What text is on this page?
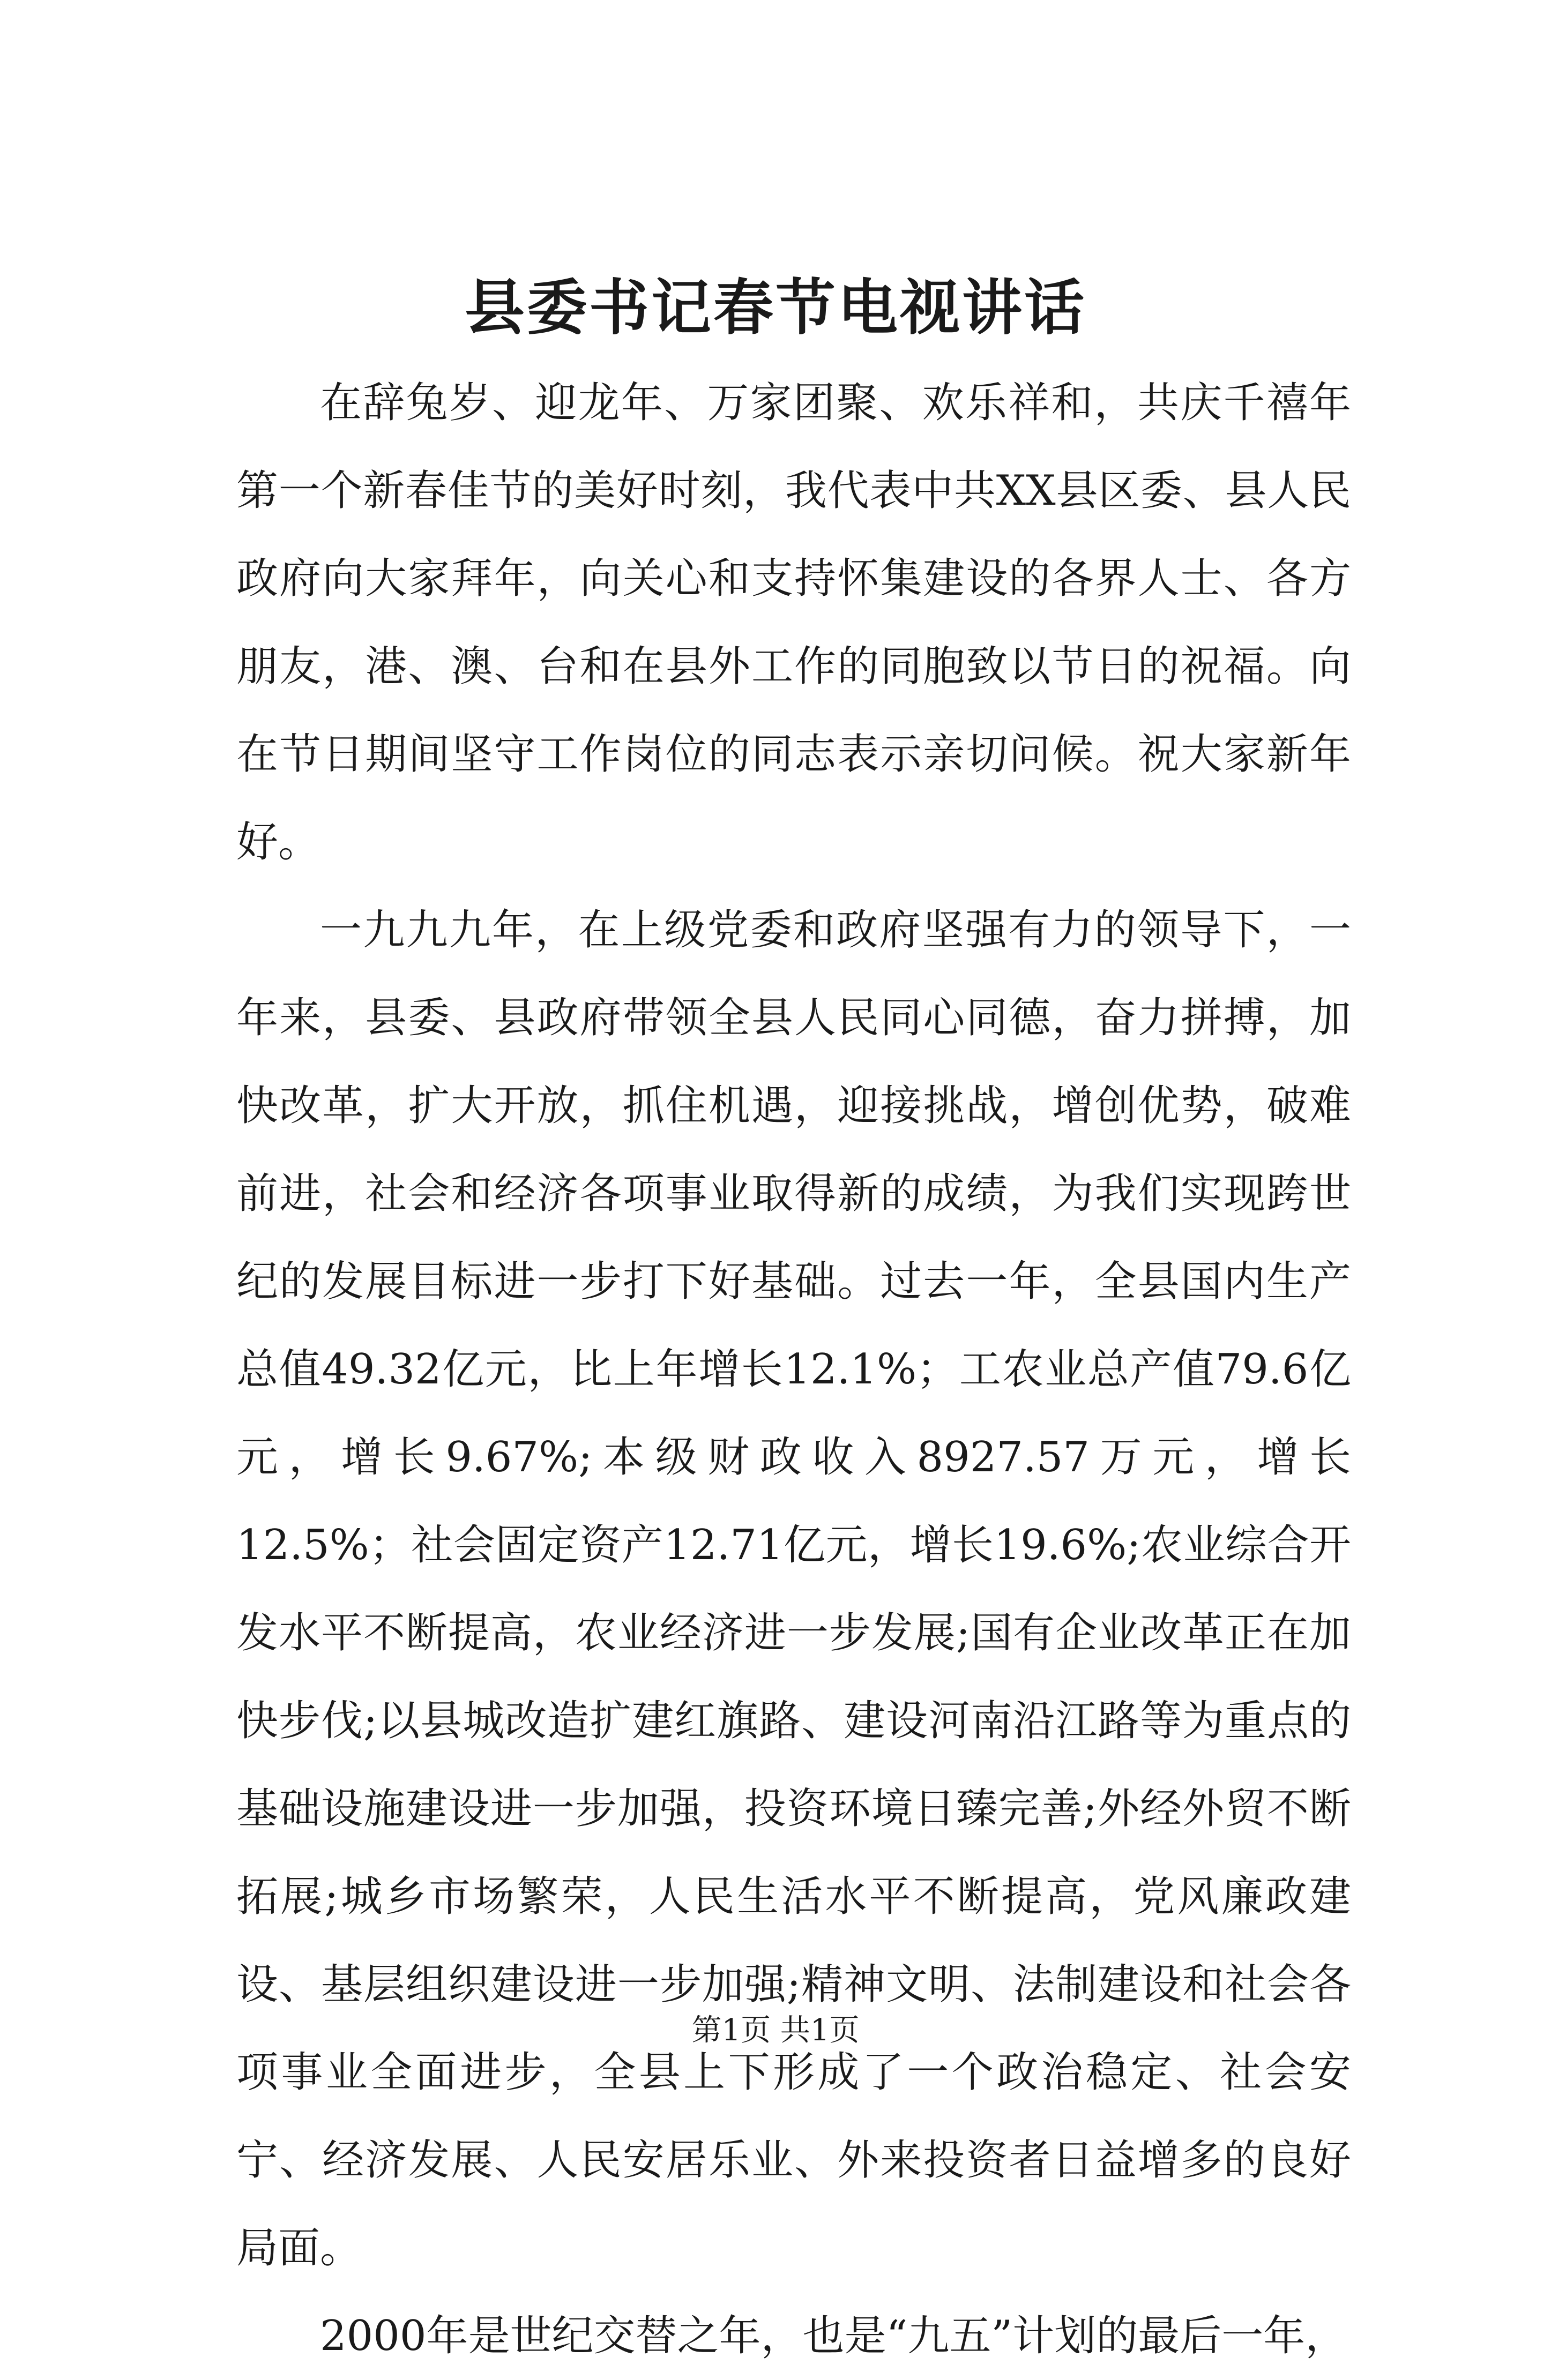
县委书记春节电视讲话

在辞兔岁、迎龙年、万家团聚、欢乐祥和，共庆千禧年第一个新春佳节的美好时刻，我代表中共XX县区委、县人民政府向大家拜年，向关心和支持怀集建设的各界人士、各方朋友，港、澳、台和在县外工作的同胞致以节日的祝福。向在节日期间坚守工作岗位的同志表示亲切问候。祝大家新年好。

一九九九年，在上级党委和政府坚强有力的领导下，一年来，县委、县政府带领全县人民同心同德，奋力拼搏，加快改革，扩大开放，抓住机遇，迎接挑战，增创优势，破难前进，社会和经济各项事业取得新的成绩，为我们实现跨世纪的发展目标进一步打下好基础。过去一年，全县国内生产总值49.32亿元，比上年增长12.1%；工农业总产值79.6亿元，增长9.67%;本级财政收入8927.57万元，增长12.5%；社会固定资产12.71亿元，增长19.6%;农业综合开发水平不断提高，农业经济进一步发展;国有企业改革正在加快步伐;以县城改造扩建红旗路、建设河南沿江路等为重点的基础设施建设进一步加强，投资环境日臻完善;外经外贸不断拓展;城乡市场繁荣，人民生活水平不断提高，党风廉政建设、基层组织建设进一步加强;精神文明、法制建设和社会各项事业全面进步，全县上下形成了一个政治稳定、社会安宁、经济发展、人民安居乐业、外来投资者日益增多的良好局面。

2000年是世纪交替之年，也是“九五”计划的最后一年，

第1页 共1页
